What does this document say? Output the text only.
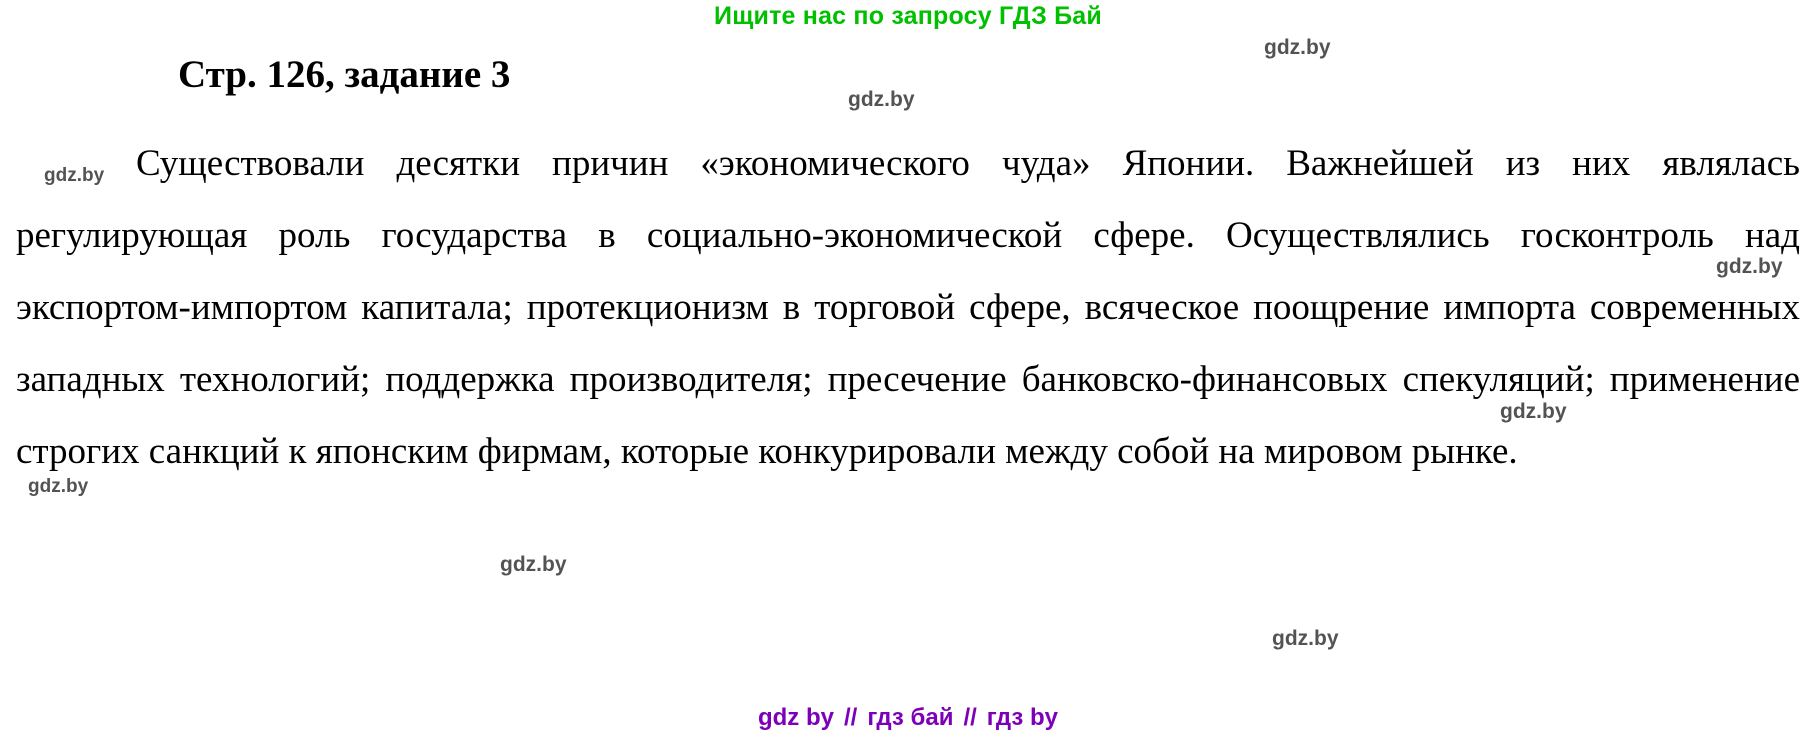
Ищите нас по запросу ГДЗ Бай
Стр. 126, задание 3
Существовали десятки причин «экономического чуда» Японии. Важнейшей из них являлась регулирующая роль государства в социально-экономической сфере. Осуществлялись госконтроль над экспортом-импортом капитала; протекционизм в торговой сфере, всяческое поощрение импорта современных западных технологий; поддержка производителя; пресечение банковско-финансовых спекуляций; применение строгих санкций к японским фирмам, которые конкурировали между собой на мировом рынке.
gdz.by
gdz.by
gdz.by
gdz.by
gdz.by
gdz.by
gdz.by
gdz.by
gdz by // гдз бай // гдз by
